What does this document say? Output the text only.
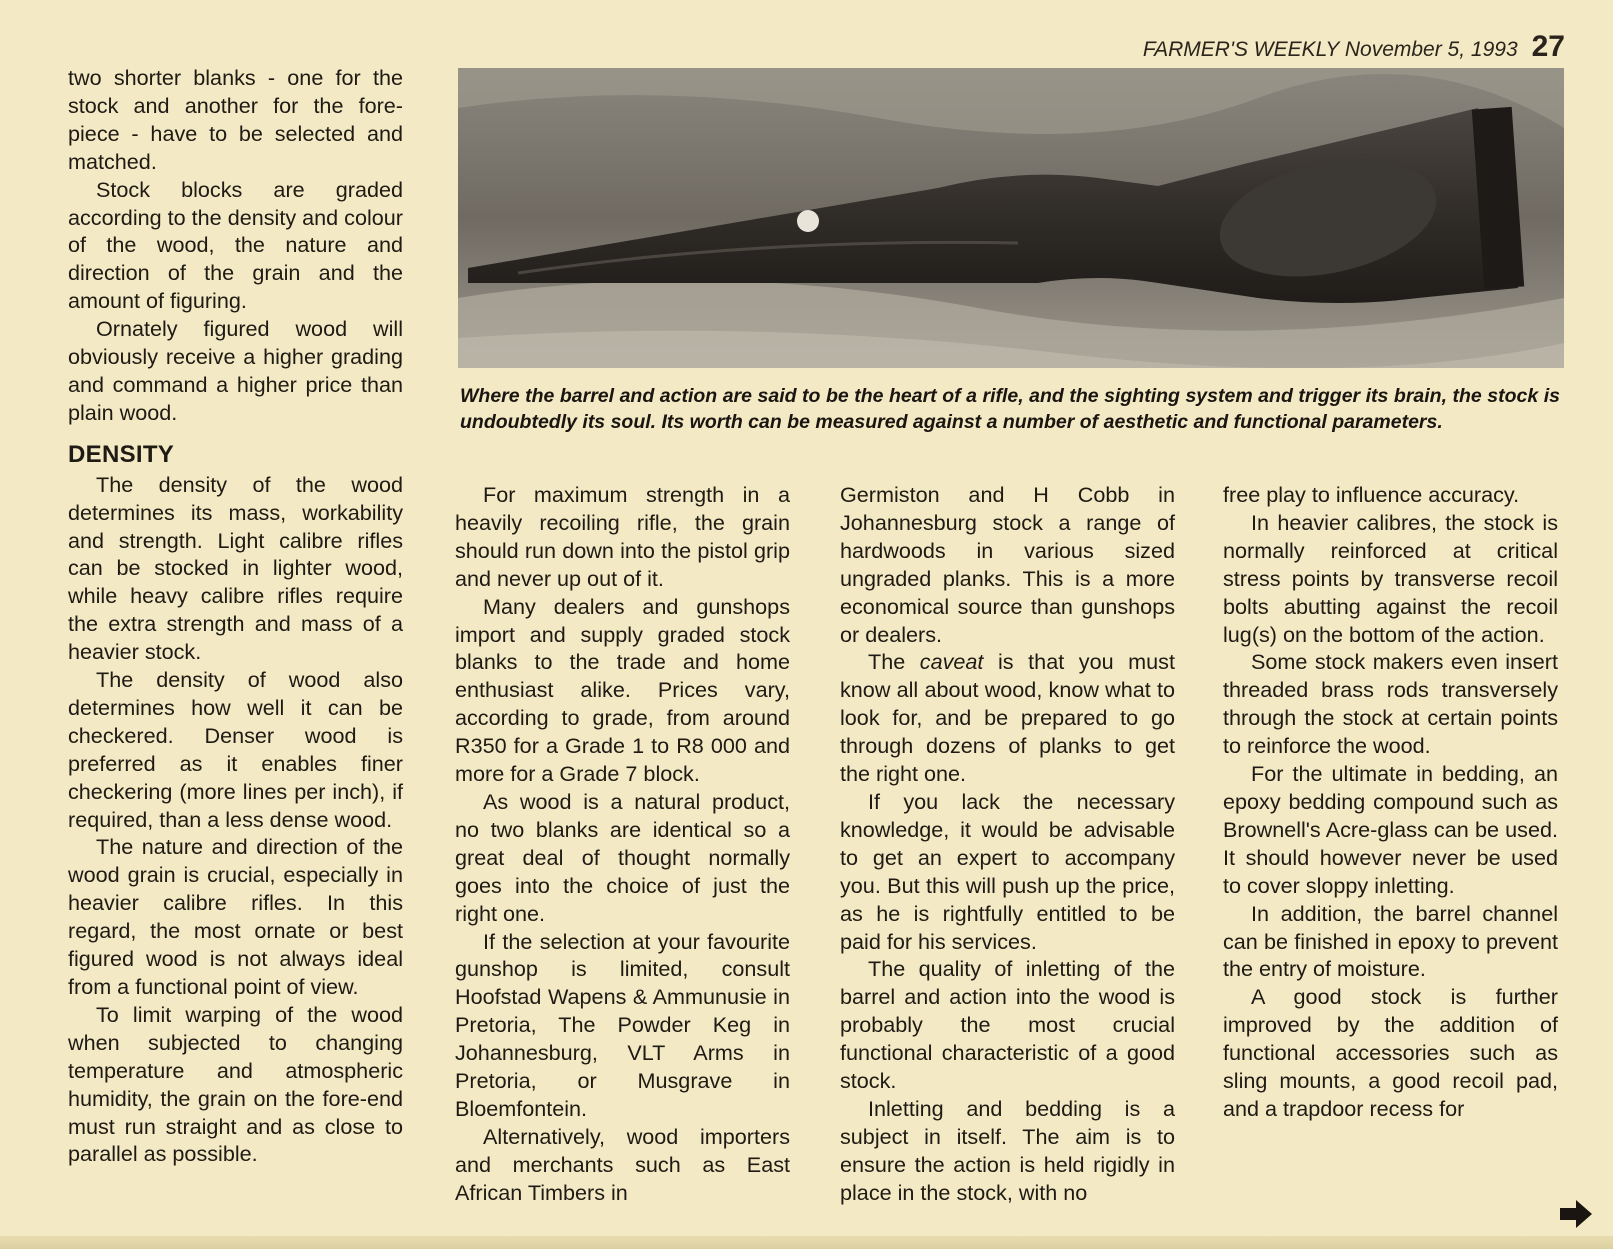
FARMER'S WEEKLY November 5, 1993 27
Where the barrel and action are said to be the heart of a rifle, and the sighting system and trigger its brain, the stock is undoubtedly its soul. Its worth can be measured against a number of aesthetic and functional parameters.

two shorter blanks - one for the stock and another for the fore-piece - have to be selected and matched.

Stock blocks are graded according to the density and colour of the wood, the nature and direction of the grain and the amount of figuring.

Ornately figured wood will obviously receive a higher grading and command a higher price than plain wood.

DENSITY

The density of the wood determines its mass, workability and strength. Light calibre rifles can be stocked in lighter wood, while heavy calibre rifles require the extra strength and mass of a heavier stock.

The density of wood also determines how well it can be checkered. Denser wood is preferred as it enables finer checkering (more lines per inch), if required, than a less dense wood.

The nature and direction of the wood grain is crucial, especially in heavier calibre rifles. In this regard, the most ornate or best figured wood is not always ideal from a functional point of view.

To limit warping of the wood when subjected to changing temperature and atmospheric humidity, the grain on the fore-end must run straight and as close to parallel as possible.

For maximum strength in a heavily recoiling rifle, the grain should run down into the pistol grip and never up out of it.

Many dealers and gunshops import and supply graded stock blanks to the trade and home enthusiast alike. Prices vary, according to grade, from around R350 for a Grade 1 to R8 000 and more for a Grade 7 block.

As wood is a natural product, no two blanks are identical so a great deal of thought normally goes into the choice of just the right one.

If the selection at your favourite gunshop is limited, consult Hoofstad Wapens & Ammunusie in Pretoria, The Powder Keg in Johannesburg, VLT Arms in Pretoria, or Musgrave in Bloemfontein.

Alternatively, wood importers and merchants such as East African Timbers in

Germiston and H Cobb in Johannesburg stock a range of hardwoods in various sized ungraded planks. This is a more economical source than gunshops or dealers.

The caveat is that you must know all about wood, know what to look for, and be prepared to go through dozens of planks to get the right one.

If you lack the necessary knowledge, it would be advisable to get an expert to accompany you. But this will push up the price, as he is rightfully entitled to be paid for his services.

The quality of inletting of the barrel and action into the wood is probably the most crucial functional characteristic of a good stock.

Inletting and bedding is a subject in itself. The aim is to ensure the action is held rigidly in place in the stock, with no

free play to influence accuracy.

In heavier calibres, the stock is normally reinforced at critical stress points by transverse recoil bolts abutting against the recoil lug(s) on the bottom of the action.

Some stock makers even insert threaded brass rods transversely through the stock at certain points to reinforce the wood.

For the ultimate in bedding, an epoxy bedding compound such as Brownell's Acre-glass can be used. It should however never be used to cover sloppy inletting.

In addition, the barrel channel can be finished in epoxy to prevent the entry of moisture.

A good stock is further improved by the addition of functional accessories such as sling mounts, a good recoil pad, and a trapdoor recess for
